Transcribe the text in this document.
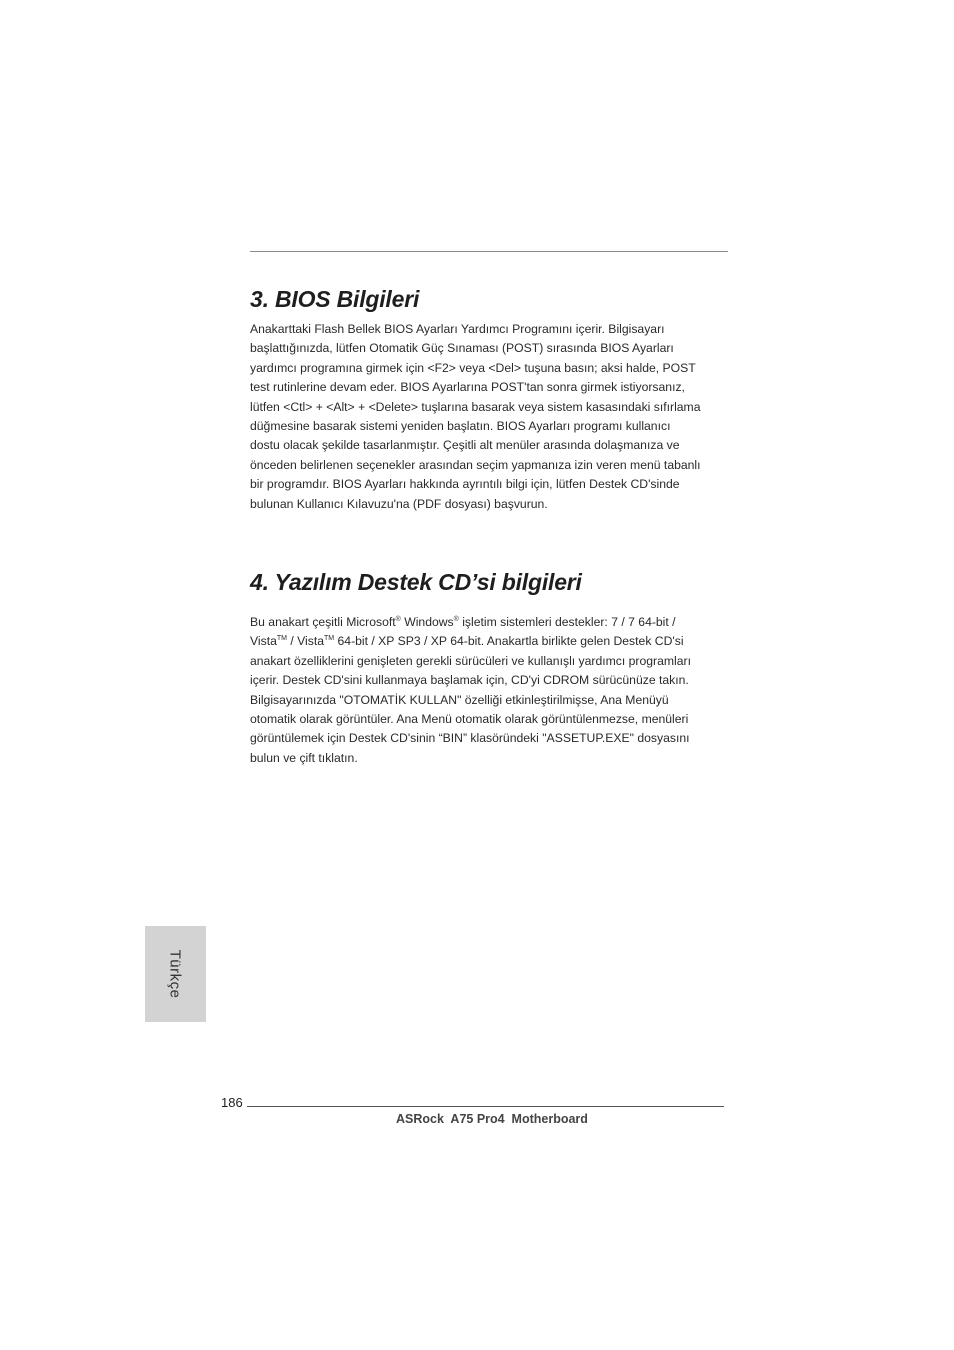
3. BIOS Bilgileri

Anakarttaki Flash Bellek BIOS Ayarları Yardımcı Programını içerir. Bilgisayarı
başlattığınızda, lütfen Otomatik Güç Sınaması (POST) sırasında BIOS Ayarları
yardımcı programına girmek için <F2> veya <Del> tuşuna basın; aksi halde, POST
test rutinlerine devam eder. BIOS Ayarlarına POST'tan sonra girmek istiyorsanız,
lütfen <Ctl> + <Alt> + <Delete> tuşlarına basarak veya sistem kasasındaki sıfırlama
düğmesine basarak sistemi yeniden başlatın. BIOS Ayarları programı kullanıcı
dostu olacak şekilde tasarlanmıştır. Çeşitli alt menüler arasında dolaşmanıza ve
önceden belirlenen seçenekler arasından seçim yapmanıza izin veren menü tabanlı
bir programdır. BIOS Ayarları hakkında ayrıntılı bilgi için, lütfen Destek CD'sinde
bulunan Kullanıcı Kılavuzu'na (PDF dosyası) başvurun.

4. Yazılım Destek CD’si bilgileri

Bu anakart çeşitli Microsoft® Windows® işletim sistemleri destekler: 7 / 7 64-bit /
Vista™ / Vista™ 64-bit / XP SP3 / XP 64-bit. Anakartla birlikte gelen Destek CD'si
anakart özelliklerini genişleten gerekli sürücüleri ve kullanışlı yardımcı programları
içerir. Destek CD'sini kullanmaya başlamak için, CD'yi CDROM sürücünüze takın.
Bilgisayarınızda "OTOMATİK KULLAN" özelliği etkinleştirilmişse, Ana Menüyü
otomatik olarak görüntüler. Ana Menü otomatik olarak görüntülenmezse, menüleri
görüntülemek için Destek CD'sinin “BIN” klasöründeki "ASSETUP.EXE" dosyasını
bulun ve çift tıklatın.

Türkçe
186
ASRock  A75 Pro4  Motherboard
